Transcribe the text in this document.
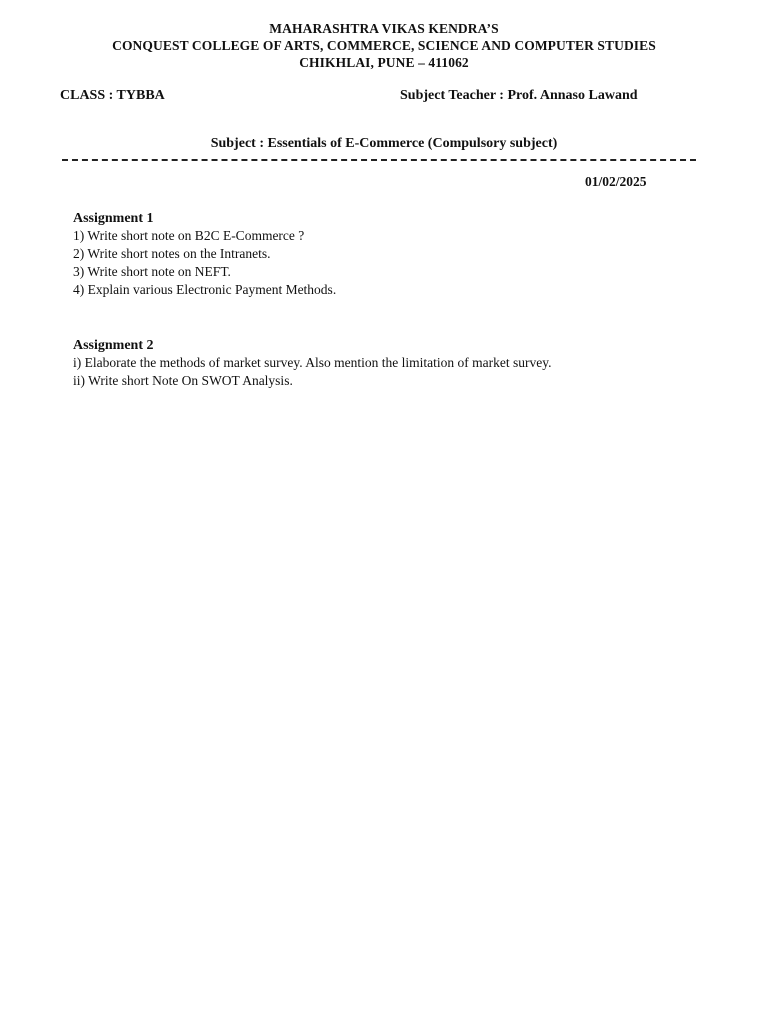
MAHARASHTRA VIKAS KENDRA’S
CONQUEST COLLEGE OF ARTS, COMMERCE, SCIENCE AND COMPUTER STUDIES
CHIKHLAI, PUNE – 411062
CLASS : TYBBA	Subject Teacher : Prof. Annaso Lawand
Subject : Essentials of E-Commerce (Compulsory subject)
01/02/2025
Assignment 1
1) Write short note on B2C E-Commerce ?
2) Write short notes on the Intranets.
3) Write short note on NEFT.
4) Explain various Electronic Payment Methods.
Assignment 2
i) Elaborate the methods of market survey. Also mention the limitation of market survey.
ii) Write short Note On SWOT Analysis.
